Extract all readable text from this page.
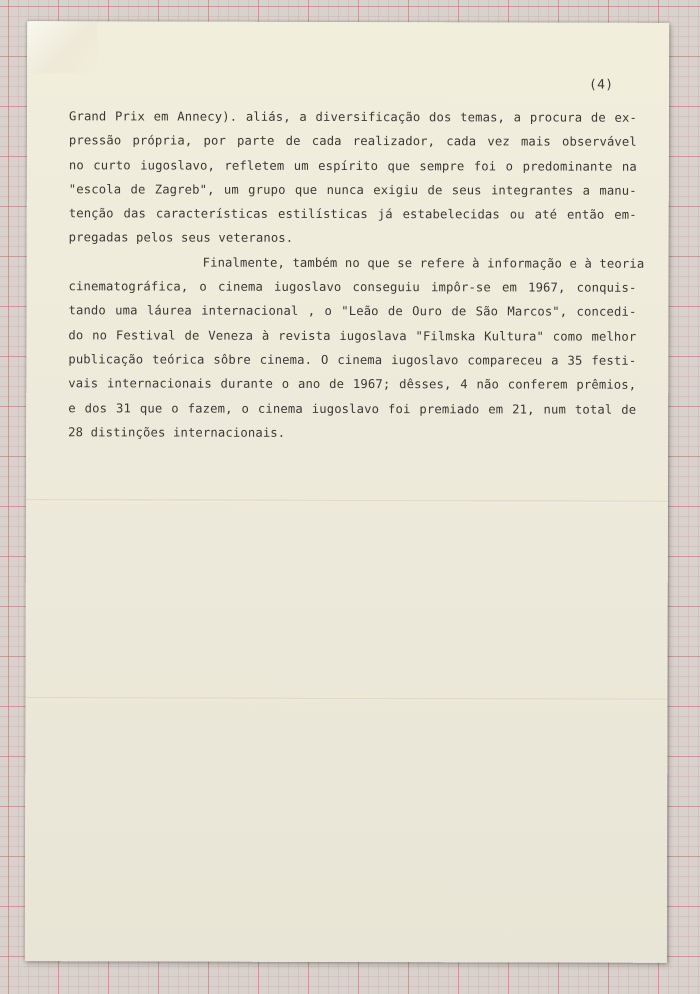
(4)
Grand Prix em Annecy). aliás, a diversificação dos temas, a procura de ex-
pressão própria, por parte de cada realizador, cada vez mais observável
no curto iugoslavo, refletem um espírito que sempre foi o predominante na
"escola de Zagreb", um grupo que nunca exigiu de seus integrantes a manu-
tenção das características estilísticas já estabelecidas ou até então em-
pregadas pelos seus veteranos.
Finalmente, também no que se refere à informação e à teoria
cinematográfica, o cinema iugoslavo conseguiu impôr-se em 1967, conquis-
tando uma láurea internacional , o "Leão de Ouro de São Marcos", concedi-
do no Festival de Veneza à revista iugoslava "Filmska Kultura" como melhor
publicação teórica sôbre cinema. O cinema iugoslavo compareceu a 35 festi-
vais internacionais durante o ano de 1967; dêsses, 4 não conferem prêmios,
e dos 31 que o fazem, o cinema iugoslavo foi premiado em 21, num total de
28 distinções internacionais.
